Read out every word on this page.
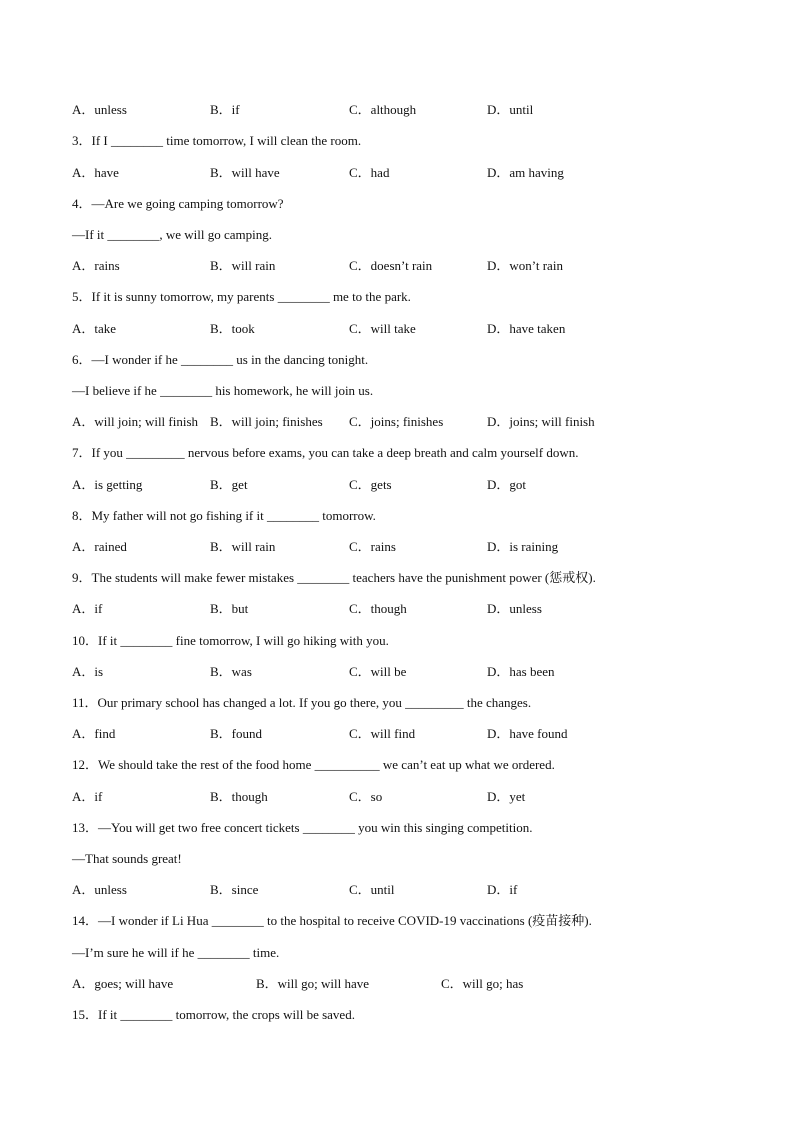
A．unless	B．if	C．although	D．until
3．If I ________ time tomorrow, I will clean the room.
A．have	B．will have	C．had	D．am having
4．—Are we going camping tomorrow?
—If it ________, we will go camping.
A．rains	B．will rain	C．doesn’t rain	D．won’t rain
5．If it is sunny tomorrow, my parents ________ me to the park.
A．take	B．took	C．will take	D．have taken
6．—I wonder if he ________ us in the dancing tonight.
—I believe if he ________ his homework, he will join us.
A．will join; will finish B．will join; finishes C．joins; finishes	D．joins; will finish
7．If you _________ nervous before exams, you can take a deep breath and calm yourself down.
A．is getting	B．get	C．gets	D．got
8．My father will not go fishing if it ________ tomorrow.
A．rained	B．will rain	C．rains	D．is raining
9．The students will make fewer mistakes ________ teachers have the punishment power (惩戒权).
A．if	B．but	C．though	D．unless
10．If it ________ fine tomorrow, I will go hiking with you.
A．is	B．was	C．will be	D．has been
11．Our primary school has changed a lot. If you go there, you _________ the changes.
A．find	B．found	C．will find	D．have found
12．We should take the rest of the food home __________ we can’t eat up what we ordered.
A．if	B．though	C．so	D．yet
13．—You will get two free concert tickets ________ you win this singing competition.
—That sounds great!
A．unless	B．since	C．until	D．if
14．—I wonder if Li Hua ________ to the hospital to receive COVID-19 vaccinations (疫苗接种).
—I’m sure he will if he ________ time.
A．goes; will have	B．will go; will have	C．will go; has
15．If it ________ tomorrow, the crops will be saved.
